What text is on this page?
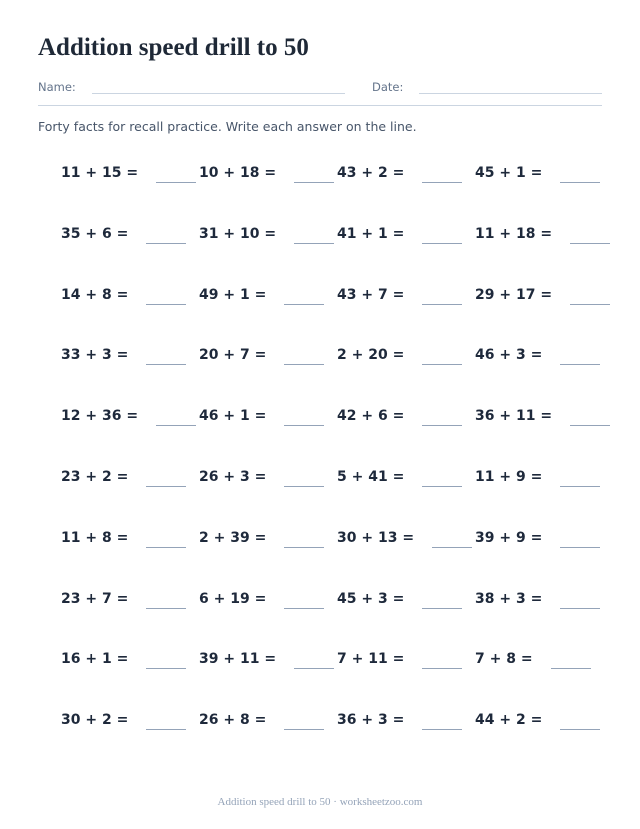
Addition speed drill to 50
Name:	Date:
Forty facts for recall practice. Write each answer on the line.
11 + 15 =	10 + 18 =	43 + 2 =	45 + 1 =
35 + 6 =	31 + 10 =	41 + 1 =	11 + 18 =
14 + 8 =	49 + 1 =	43 + 7 =	29 + 17 =
33 + 3 =	20 + 7 =	2 + 20 =	46 + 3 =
12 + 36 =	46 + 1 =	42 + 6 =	36 + 11 =
23 + 2 =	26 + 3 =	5 + 41 =	11 + 9 =
11 + 8 =	2 + 39 =	30 + 13 =	39 + 9 =
23 + 7 =	6 + 19 =	45 + 3 =	38 + 3 =
16 + 1 =	39 + 11 =	7 + 11 =	7 + 8 =
30 + 2 =	26 + 8 =	36 + 3 =	44 + 2 =
Addition speed drill to 50 · worksheetzoo.com
